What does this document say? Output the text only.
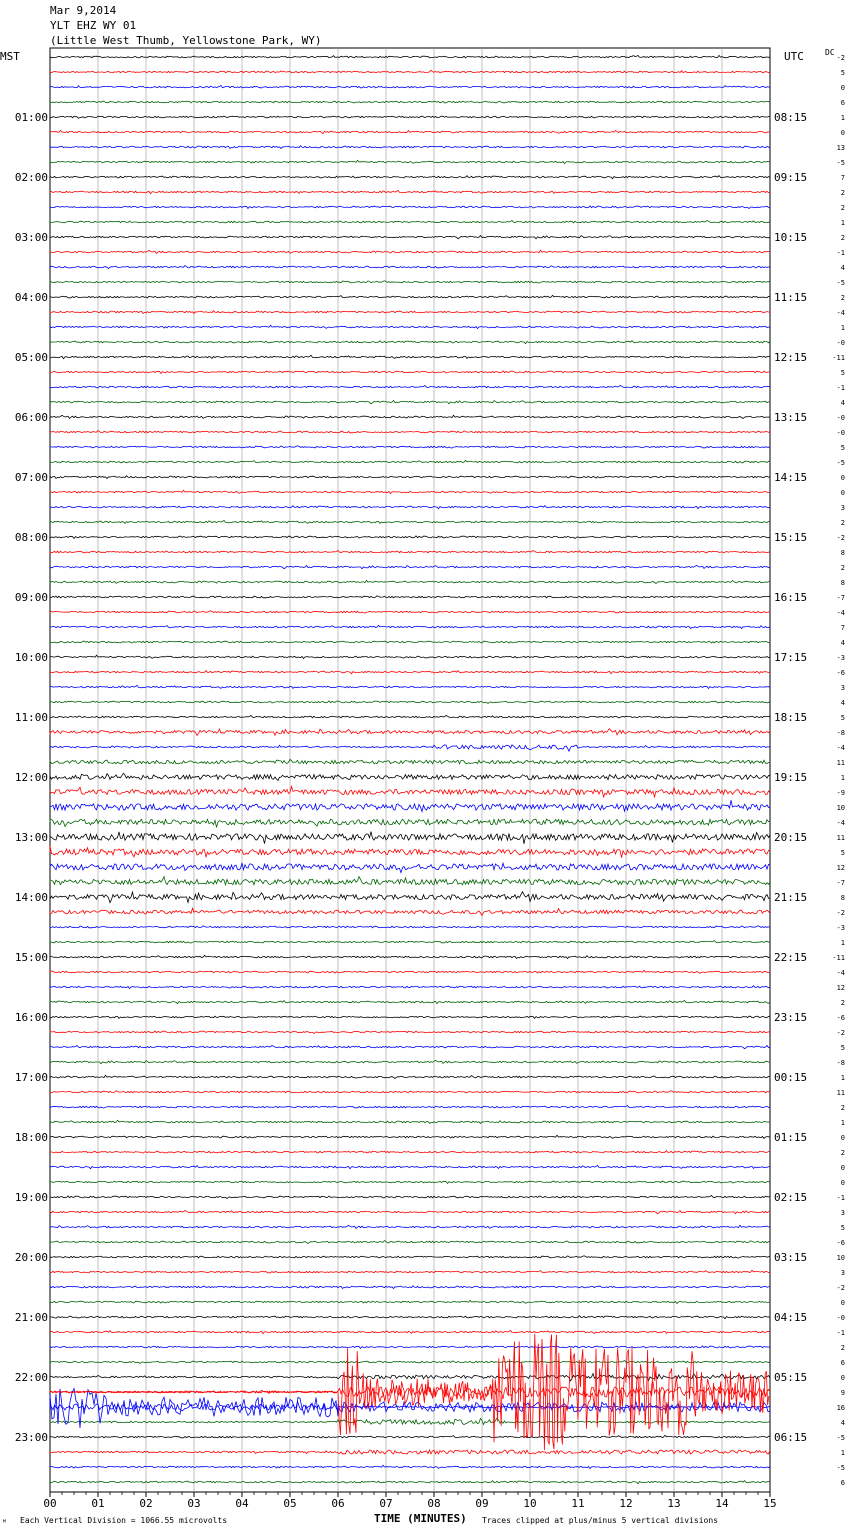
01:00
02:00
03:00
04:00
05:00
06:00
07:00
08:00
09:00
10:00
11:00
12:00
13:00
14:00
15:00
16:00
17:00
18:00
19:00
20:00
21:00
22:00
23:00
08:15
09:15
10:15
11:15
12:15
13:15
14:15
15:15
16:15
17:15
18:15
19:15
20:15
21:15
22:15
23:15
00:15
01:15
02:15
03:15
04:15
05:15
06:15
-2
5
0
6
1
0
13
-5
7
2
2
1
2
-1
4
-5
2
-4
1
-0
-11
5
-1
4
-0
-0
5
-5
0
0
3
2
-2
8
2
8
-7
-4
7
4
-3
-6
3
4
5
-8
-4
11
1
-9
10
-4
11
5
12
-7
8
-2
-3
1
-11
-4
12
2
-6
-2
5
-8
1
11
2
1
0
2
0
0
-1
3
5
-6
10
3
-2
0
-0
-1
2
6
0
9
16
4
-5
1
-5
6
00	01	02	03	04	05	06	07	08	09	10	11	12	13	14	15
Mar 9,2014
YLT EHZ WY 01
(Little West Thumb, Yellowstone Park, WY)
MST	UTC	DC
ᴹ Each Vertical Division = 1066.55 microvolts	TIME (MINUTES) Traces clipped at plus/minus 5 vertical divisions
